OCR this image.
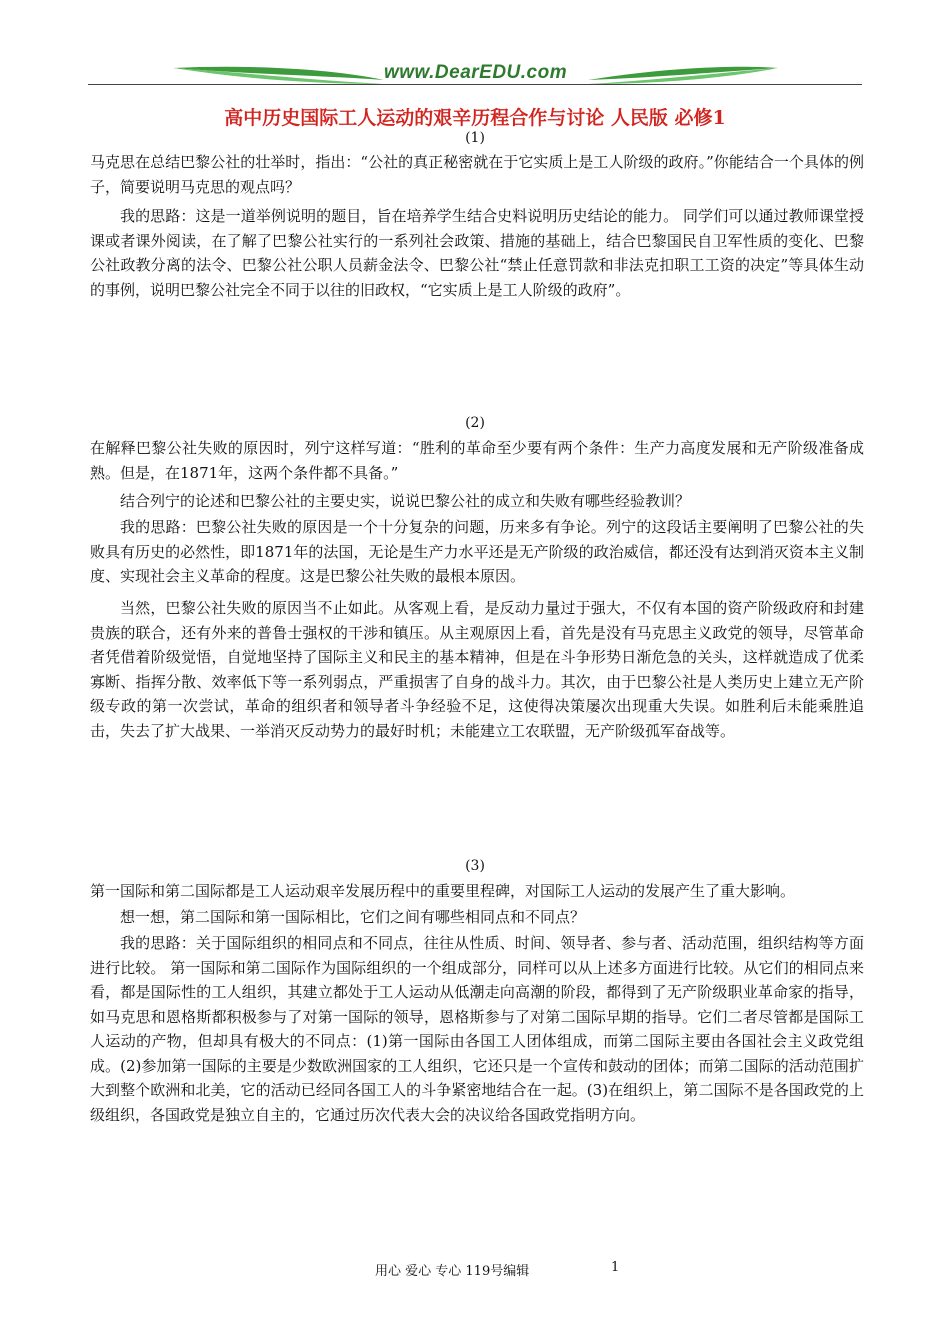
www.DearEDU.com
高中历史国际工人运动的艰辛历程合作与讨论 人民版 必修1
(1)

马克思在总结巴黎公社的壮举时，指出：“公社的真正秘密就在于它实质上是工人阶级的政府。”你能结合一个具体的例子，简要说明马克思的观点吗？

我的思路：这是一道举例说明的题目，旨在培养学生结合史料说明历史结论的能力。 同学们可以通过教师课堂授课或者课外阅读，在了解了巴黎公社实行的一系列社会政策、措施的基础上，结合巴黎国民自卫军性质的变化、巴黎公社政教分离的法令、巴黎公社公职人员薪金法令、巴黎公社“禁止任意罚款和非法克扣职工工资的决定”等具体生动的事例，说明巴黎公社完全不同于以往的旧政权，“它实质上是工人阶级的政府”。

(2)

在解释巴黎公社失败的原因时，列宁这样写道：“胜利的革命至少要有两个条件：生产力高度发展和无产阶级准备成熟。但是，在1871年，这两个条件都不具备。”

结合列宁的论述和巴黎公社的主要史实，说说巴黎公社的成立和失败有哪些经验教训？

我的思路：巴黎公社失败的原因是一个十分复杂的问题，历来多有争论。列宁的这段话主要阐明了巴黎公社的失败具有历史的必然性，即1871年的法国，无论是生产力水平还是无产阶级的政治威信，都还没有达到消灭资本主义制度、实现社会主义革命的程度。这是巴黎公社失败的最根本原因。

当然，巴黎公社失败的原因当不止如此。从客观上看，是反动力量过于强大，不仅有本国的资产阶级政府和封建贵族的联合，还有外来的普鲁士强权的干涉和镇压。从主观原因上看，首先是没有马克思主义政党的领导，尽管革命者凭借着阶级觉悟，自觉地坚持了国际主义和民主的基本精神，但是在斗争形势日渐危急的关头，这样就造成了优柔寡断、指挥分散、效率低下等一系列弱点，严重损害了自身的战斗力。其次，由于巴黎公社是人类历史上建立无产阶级专政的第一次尝试，革命的组织者和领导者斗争经验不足，这使得决策屡次出现重大失误。如胜利后未能乘胜追击，失去了扩大战果、一举消灭反动势力的最好时机；未能建立工农联盟，无产阶级孤军奋战等。

(3)

第一国际和第二国际都是工人运动艰辛发展历程中的重要里程碑，对国际工人运动的发展产生了重大影响。

想一想，第二国际和第一国际相比，它们之间有哪些相同点和不同点？

我的思路：关于国际组织的相同点和不同点，往往从性质、时间、领导者、参与者、活动范围，组织结构等方面进行比较。 第一国际和第二国际作为国际组织的一个组成部分，同样可以从上述多方面进行比较。从它们的相同点来看，都是国际性的工人组织，其建立都处于工人运动从低潮走向高潮的阶段，都得到了无产阶级职业革命家的指导，如马克思和恩格斯都积极参与了对第一国际的领导，恩格斯参与了对第二国际早期的指导。它们二者尽管都是国际工人运动的产物，但却具有极大的不同点：(1)第一国际由各国工人团体组成，而第二国际主要由各国社会主义政党组成。(2)参加第一国际的主要是少数欧洲国家的工人组织，它还只是一个宣传和鼓动的团体；而第二国际的活动范围扩大到整个欧洲和北美，它的活动已经同各国工人的斗争紧密地结合在一起。(3)在组织上，第二国际不是各国政党的上级组织，各国政党是独立自主的，它通过历次代表大会的决议给各国政党指明方向。

用心 爱心 专心 119号编辑	1
